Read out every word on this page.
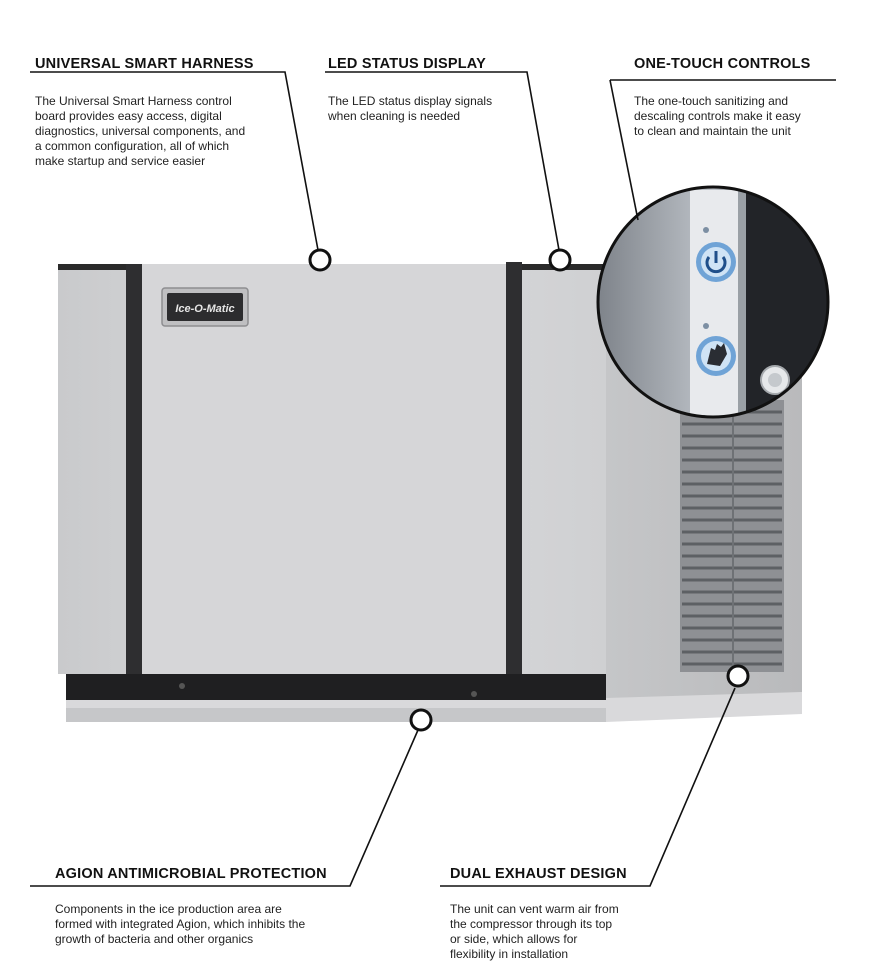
Ice-O-Matic
UNIVERSAL SMART HARNESS

The Universal Smart Harness control
board provides easy access, digital
diagnostics, universal components, and
a common configuration, all of which
make startup and service easier

LED STATUS DISPLAY

The LED status display signals
when cleaning is needed

ONE-TOUCH CONTROLS

The one-touch sanitizing and
descaling controls make it easy
to clean and maintain the unit

AGION ANTIMICROBIAL PROTECTION

Components in the ice production area are
formed with integrated Agion, which inhibits the
growth of bacteria and other organics

DUAL EXHAUST DESIGN

The unit can vent warm air from
the compressor through its top
or side, which allows for
flexibility in installation
